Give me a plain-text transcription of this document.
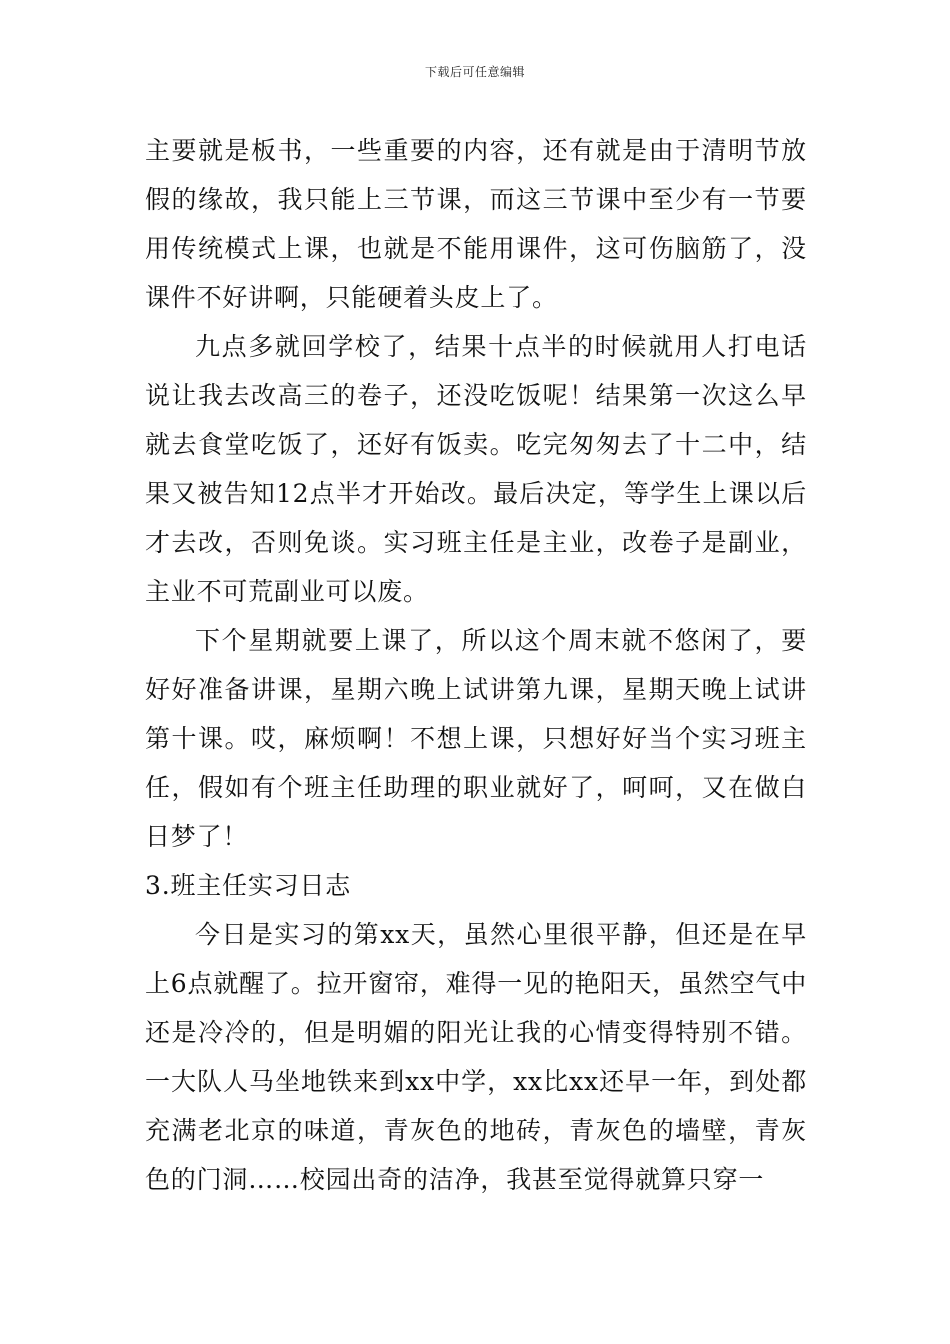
下载后可任意编辑

主要就是板书，一些重要的内容，还有就是由于清明节放假的缘故，我只能上三节课，而这三节课中至少有一节要用传统模式上课，也就是不能用课件，这可伤脑筋了，没课件不好讲啊，只能硬着头皮上了。

九点多就回学校了，结果十点半的时候就用人打电话说让我去改高三的卷子，还没吃饭呢！结果第一次这么早就去食堂吃饭了，还好有饭卖。吃完匆匆去了十二中，结果又被告知12点半才开始改。最后决定，等学生上课以后才去改，否则免谈。实习班主任是主业，改卷子是副业，主业不可荒副业可以废。

下个星期就要上课了，所以这个周末就不悠闲了，要好好准备讲课，星期六晚上试讲第九课，星期天晚上试讲第十课。哎，麻烦啊！不想上课，只想好好当个实习班主任，假如有个班主任助理的职业就好了，呵呵，又在做白日梦了！

3.班主任实习日志

今日是实习的第xx天，虽然心里很平静，但还是在早上6点就醒了。拉开窗帘，难得一见的艳阳天，虽然空气中还是冷冷的，但是明媚的阳光让我的心情变得特别不错。一大队人马坐地铁来到xx中学，xx比xx还早一年，到处都充满老北京的味道，青灰色的地砖，青灰色的墙壁，青灰色的门洞……校园出奇的洁净，我甚至觉得就算只穿一
